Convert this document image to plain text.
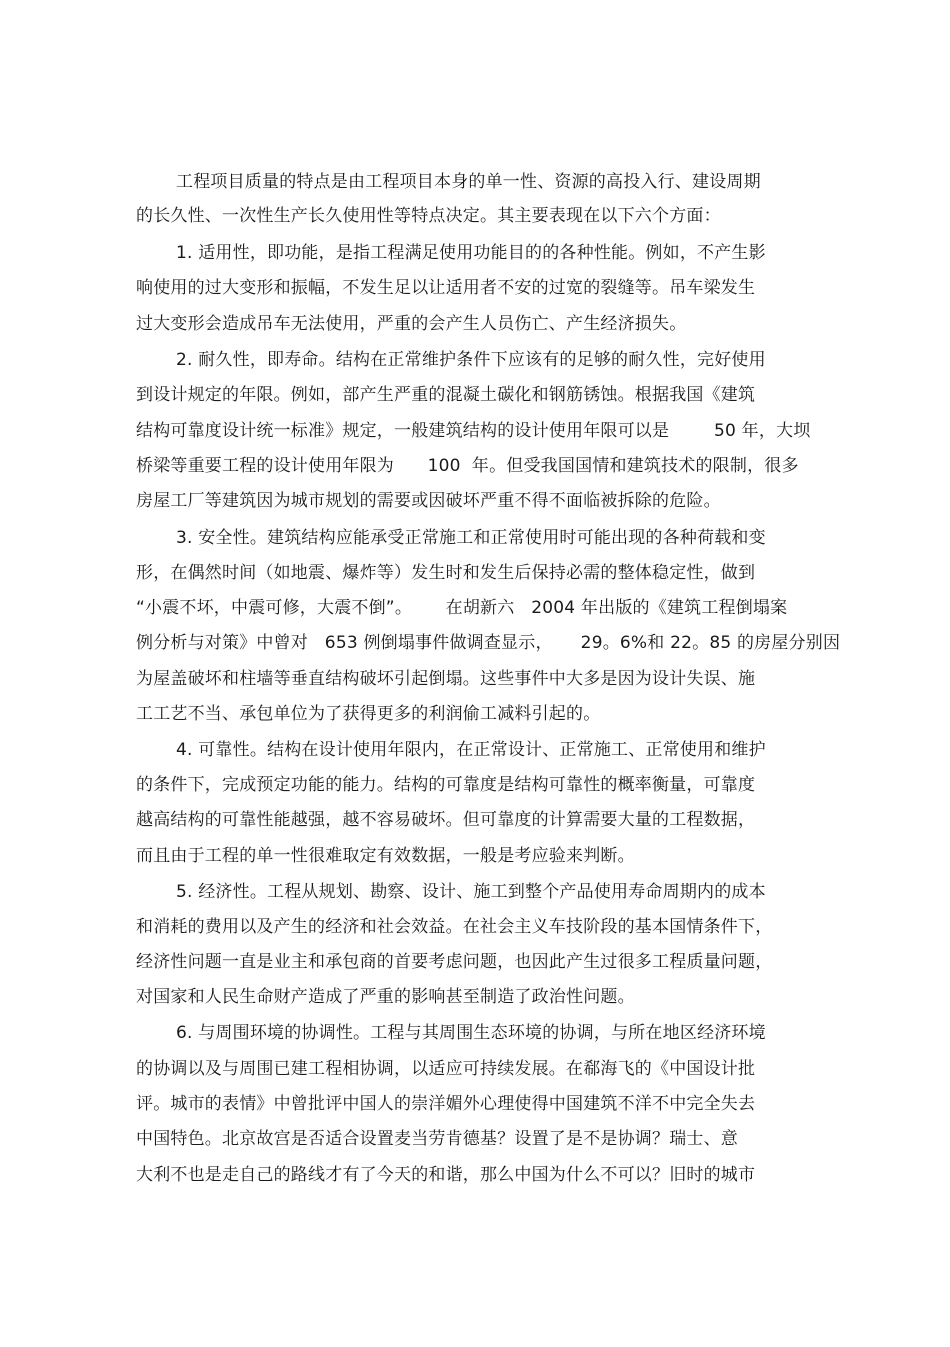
工程项目质量的特点是由工程项目本身的单一性、资源的高投入行、建设周期
的长久性、一次性生产长久使用性等特点决定。其主要表现在以下六个方面：
1. 适用性，即功能，是指工程满足使用功能目的的各种性能。例如，不产生影
响使用的过大变形和振幅，不发生足以让适用者不安的过宽的裂缝等。吊车梁发生
过大变形会造成吊车无法使用，严重的会产生人员伤亡、产生经济损失。
2. 耐久性，即寿命。结构在正常维护条件下应该有的足够的耐久性，完好使用
到设计规定的年限。例如，部产生严重的混凝土碳化和钢筋锈蚀。根据我国《建筑
结构可靠度设计统一标准》规定，一般建筑结构的设计使用年限可以是        50 年，大坝
桥梁等重要工程的设计使用年限为      100  年。但受我国国情和建筑技术的限制，很多
房屋工厂等建筑因为城市规划的需要或因破坏严重不得不面临被拆除的危险。
3. 安全性。建筑结构应能承受正常施工和正常使用时可能出现的各种荷载和变
形，在偶然时间（如地震、爆炸等）发生时和发生后保持必需的整体稳定性，做到
“小震不坏，中震可修，大震不倒”。      在胡新六   2004 年出版的《建筑工程倒塌案
例分析与对策》中曾对   653 例倒塌事件做调查显示，     29。6%和 22。85 的房屋分别因
为屋盖破坏和柱墙等垂直结构破坏引起倒塌。这些事件中大多是因为设计失误、施
工工艺不当、承包单位为了获得更多的利润偷工减料引起的。
4. 可靠性。结构在设计使用年限内，在正常设计、正常施工、正常使用和维护
的条件下，完成预定功能的能力。结构的可靠度是结构可靠性的概率衡量，可靠度
越高结构的可靠性能越强，越不容易破坏。但可靠度的计算需要大量的工程数据，
而且由于工程的单一性很难取定有效数据，一般是考应验来判断。
5. 经济性。工程从规划、勘察、设计、施工到整个产品使用寿命周期内的成本
和消耗的费用以及产生的经济和社会效益。在社会主义车技阶段的基本国情条件下，
经济性问题一直是业主和承包商的首要考虑问题，也因此产生过很多工程质量问题，
对国家和人民生命财产造成了严重的影响甚至制造了政治性问题。
6. 与周围环境的协调性。工程与其周围生态环境的协调，与所在地区经济环境
的协调以及与周围已建工程相协调，以适应可持续发展。在郗海飞的《中国设计批
评。城市的表情》中曾批评中国人的崇洋媚外心理使得中国建筑不洋不中完全失去
中国特色。北京故宫是否适合设置麦当劳肯德基？设置了是不是协调？瑞士、意
大利不也是走自己的路线才有了今天的和谐，那么中国为什么不可以？旧时的城市
